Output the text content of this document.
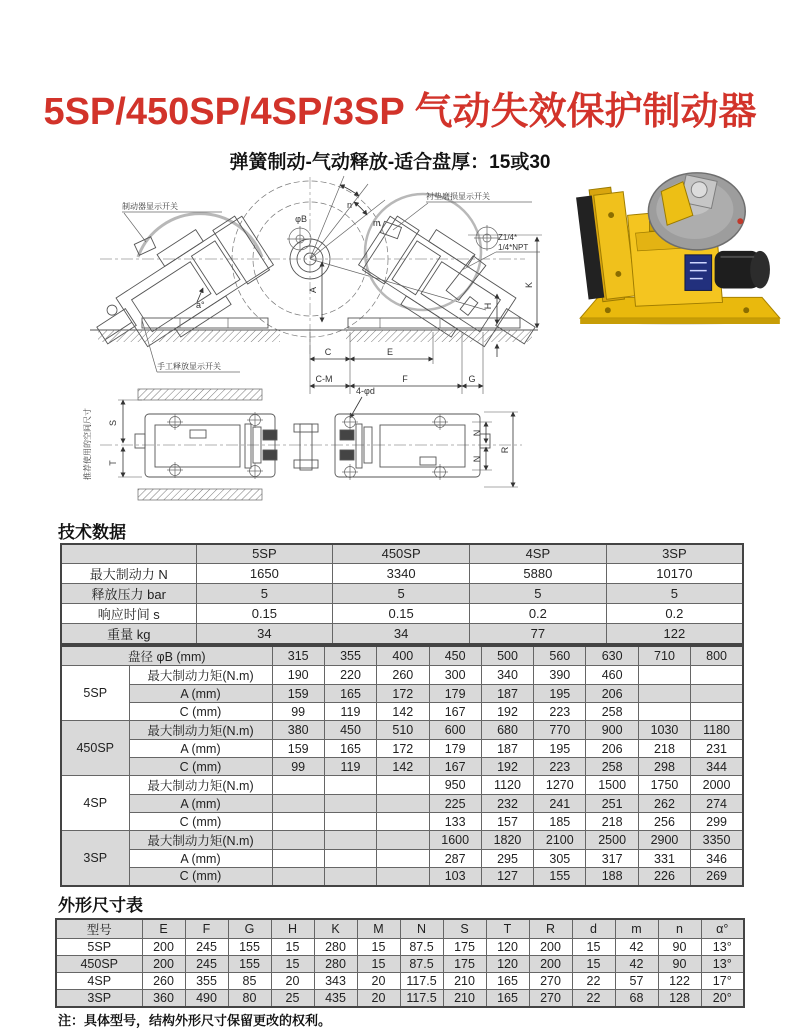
5SP/450SP/4SP/3SP 气动失效保护制动器
弹簧制动-气动释放-适合盘厚：15或30
制动器显示开关
衬垫磨损显示开关
手工释放显示开关
Z1/4*
1/4*NPT
4-φd
φB
n
m
a°
A
K
H
C	E
C-M	F	G
S
T
N
N
R
推荐使用的空间尺寸
技术数据
	5SP	450SP	4SP	3SP
最大制动力 N	1650	3340	5880	10170
释放压力 bar	5	5	5	5
响应时间 s	0.15	0.15	0.2	0.2
重量 kg	34	34	77	122
盘径 φB (mm)		315	355	400	450	500	560	630	710	800
5SP	最大制动力矩(N.m)	190	220	260	300	340	390	460		
	A (mm)	159	165	172	179	187	195	206		
	C (mm)	99	119	142	167	192	223	258		
450SP	最大制动力矩(N.m)	380	450	510	600	680	770	900	1030	1180
	A (mm)	159	165	172	179	187	195	206	218	231
	C (mm)	99	119	142	167	192	223	258	298	344
4SP	最大制动力矩(N.m)				950	1120	1270	1500	1750	2000
	A (mm)				225	232	241	251	262	274
	C (mm)				133	157	185	218	256	299
3SP	最大制动力矩(N.m)				1600	1820	2100	2500	2900	3350
	A (mm)				287	295	305	317	331	346
	C (mm)				103	127	155	188	226	269
外形尺寸表
型号	E	F	G	H	K	M	N	S	T	R	d	m	n	α°
5SP	200	245	155	15	280	15	87.5	175	120	200	15	42	90	13°
450SP	200	245	155	15	280	15	87.5	175	120	200	15	42	90	13°
4SP	260	355	85	20	343	20	117.5	210	165	270	22	57	122	17°
3SP	360	490	80	25	435	20	117.5	210	165	270	22	68	128	20°
注：具体型号，结构外形尺寸保留更改的权利。
